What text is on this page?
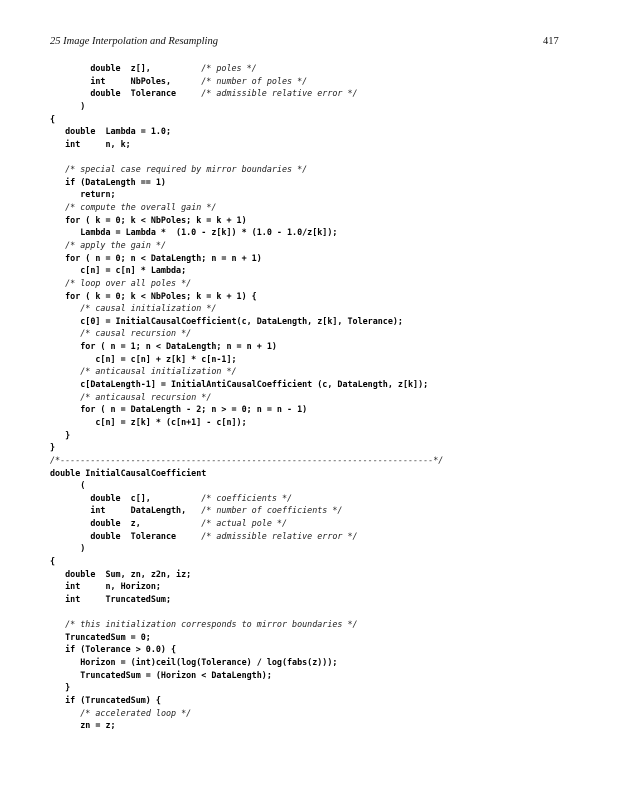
25 Image Interpolation and Resampling	417
double  z[],          /* poles */
int     NbPoles,      /* number of poles */
double  Tolerance     /* admissible relative error */
)
{
double  Lambda = 1.0;
int     n, k;
/* special case required by mirror boundaries */
if (DataLength == 1)
return;
/* compute the overall gain */
for ( k = 0; k < NbPoles; k = k + 1)
Lambda = Lambda *  (1.0 - z[k]) * (1.0 - 1.0/z[k]);
/* apply the gain */
for ( n = 0; n < DataLength; n = n + 1)
c[n] = c[n] * Lambda;
/* loop over all poles */
for ( k = 0; k < NbPoles; k = k + 1) {
/* causal initialization */
c[0] = InitialCausalCoefficient(c, DataLength, z[k], Tolerance);
/* causal recursion */
for ( n = 1; n < DataLength; n = n + 1)
c[n] = c[n] + z[k] * c[n-1];
/* anticausal initialization */
c[DataLength-1] = InitialAntiCausalCoefficient (c, DataLength, z[k]);
/* anticausal recursion */
for ( n = DataLength - 2; n > = 0; n = n - 1)
c[n] = z[k] * (c[n+1] - c[n]);
}
}
/*--------------------------------------------------------------------------*/
double InitialCausalCoefficient
(
double  c[],          /* coefficients */
int     DataLength,   /* number of coefficients */
double  z,            /* actual pole */
double  Tolerance     /* admissible relative error */
)
{
double  Sum, zn, z2n, iz;
int     n, Horizon;
int     TruncatedSum;
/* this initialization corresponds to mirror boundaries */
TruncatedSum = 0;
if (Tolerance > 0.0) {
Horizon = (int)ceil(log(Tolerance) / log(fabs(z)));
TruncatedSum = (Horizon < DataLength);
}
if (TruncatedSum) {
/* accelerated loop */
zn = z;
